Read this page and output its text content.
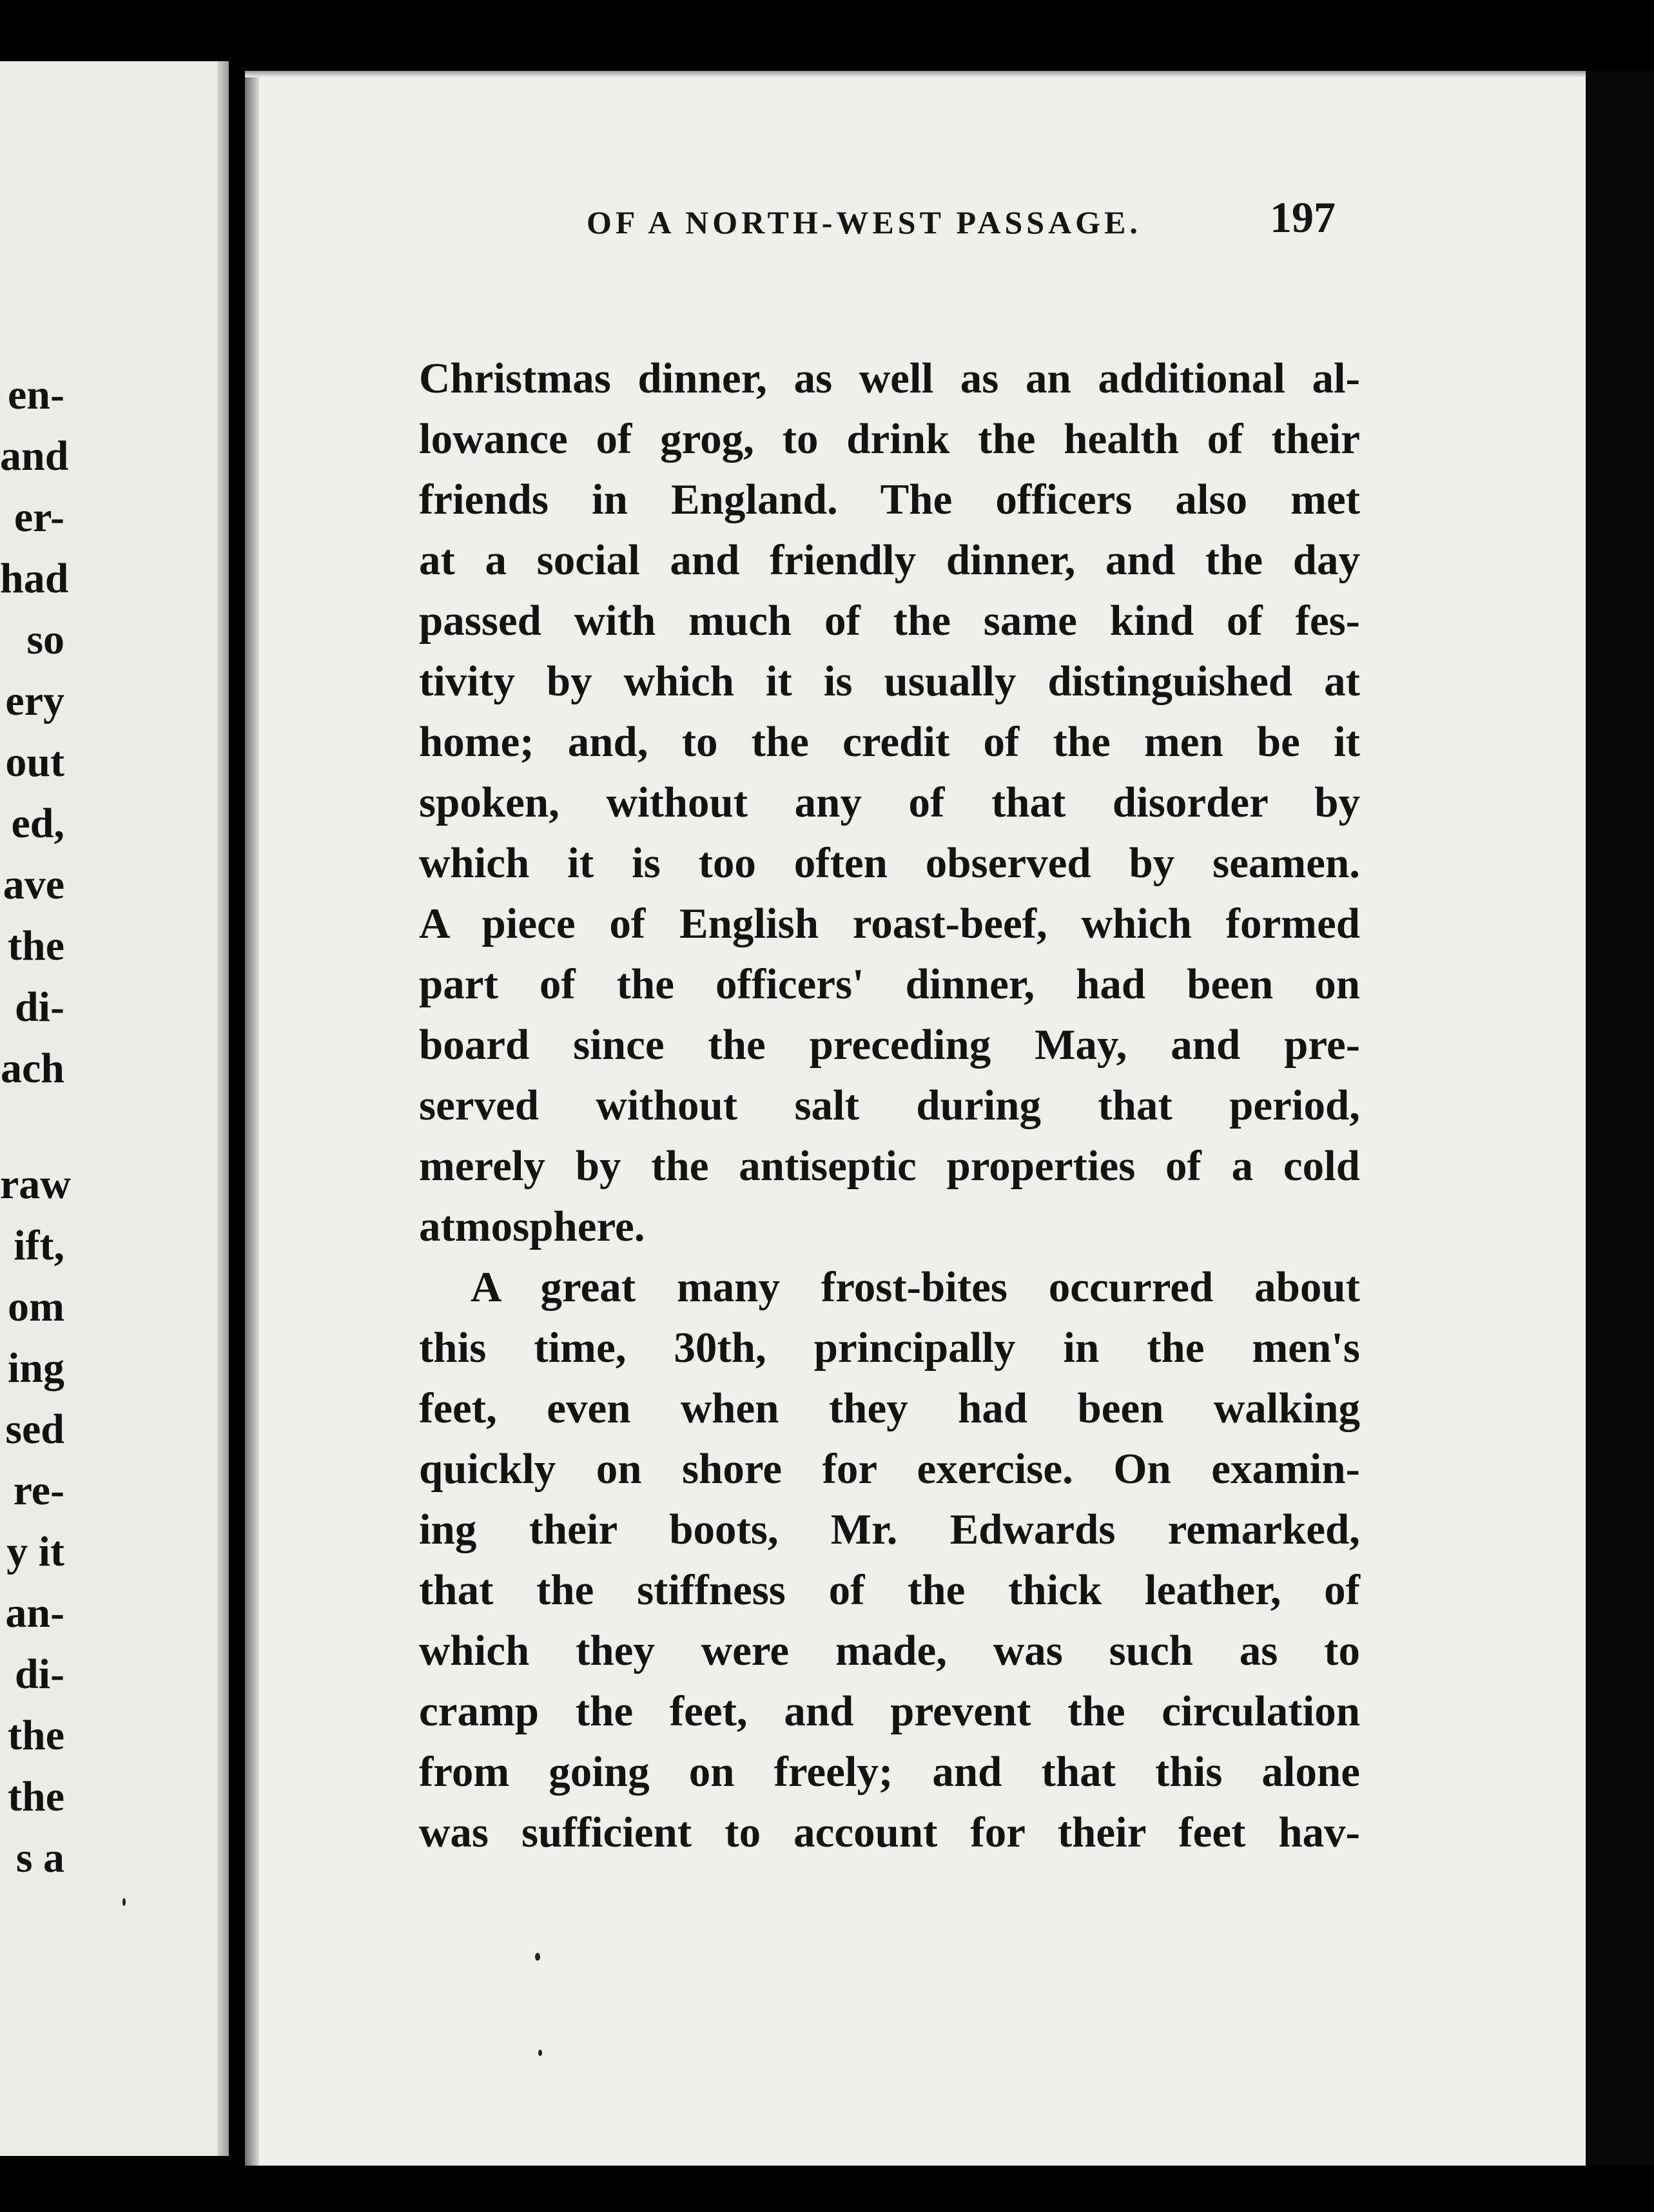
en-
and
er-
had
so
ery
out
ed,
ave
the
di-
ach
raw
ift,
om
ing
sed
re-
y it
an-
di-
the
the
s a
OF A NORTH-WEST PASSAGE.	197
Christmas dinner, as well as an additional al-
lowance of grog, to drink the health of their
friends in England. The officers also met
at a social and friendly dinner, and the day
passed with much of the same kind of fes-
tivity by which it is usually distinguished at
home; and, to the credit of the men be it
spoken, without any of that disorder by
which it is too often observed by seamen.
A piece of English roast-beef, which formed
part of the officers' dinner, had been on
board since the preceding May, and pre-
served without salt during that period,
merely by the antiseptic properties of a cold
atmosphere.
A great many frost-bites occurred about
this time, 30th, principally in the men's
feet, even when they had been walking
quickly on shore for exercise. On examin-
ing their boots, Mr. Edwards remarked,
that the stiffness of the thick leather, of
which they were made, was such as to
cramp the feet, and prevent the circulation
from going on freely; and that this alone
was sufficient to account for their feet hav-
